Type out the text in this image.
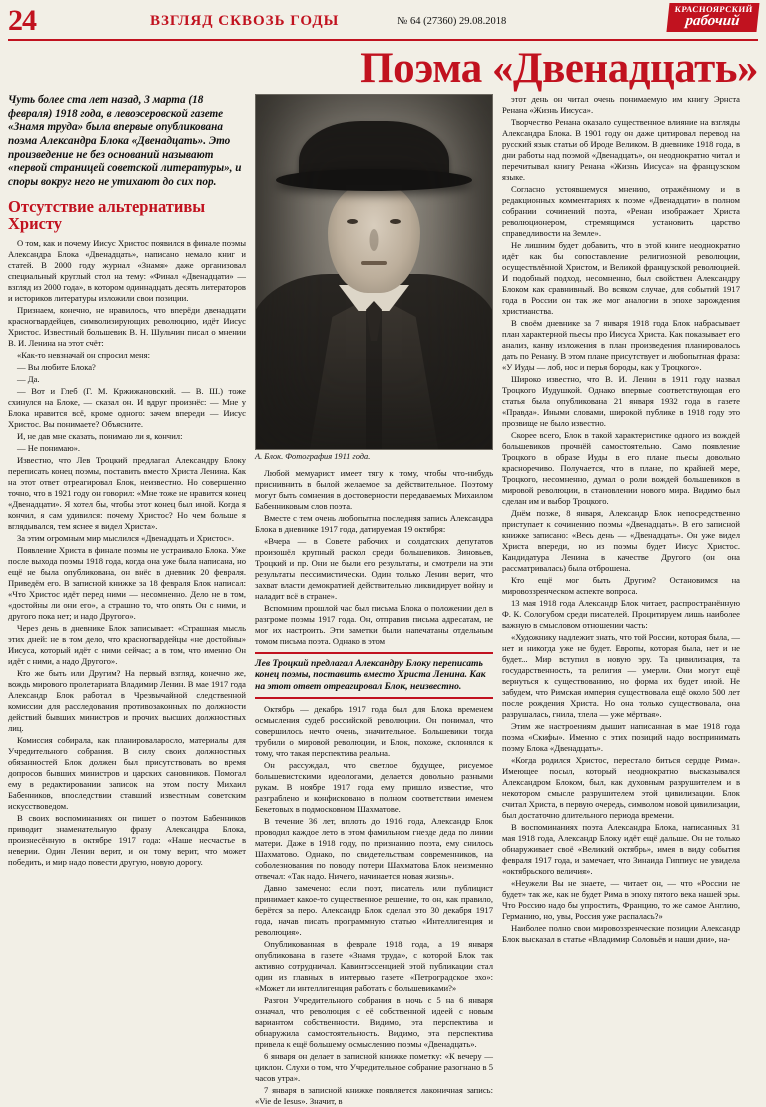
24	ВЗГЛЯД СКВОЗЬ ГОДЫ	№ 64 (27360) 29.08.2018
КРАСНОЯРСКИЙ
рабочий
Поэма «Двенадцать»

Чуть более ста лет назад, 3 марта (18 февраля) 1918 года, в левоэсеровской газете «Знамя труда» была впервые опубликована поэма Александра Блока «Двенадцать». Это произведение не без оснований называют «первой страницей советской литературы», и споры вокруг него не утихают до сих пор.

Отсутствие альтернативы Христу

О том, как и почему Иисус Христос появился в финале поэмы Александра Блока «Двенадцать», написано немало книг и статей. В 2000 году журнал «Знамя» даже организовал специальный круглый стол на тему: «Финал «Двенадцати» — взгляд из 2000 года», в котором одиннадцать десять литераторов и историков литературы изложили свои позиции.

Признаем, конечно, не нравилось, что вперёди двенадцати красногвардейцев, символизирующих революцию, идёт Иисус Христос. Известный большевик В. Н. Шульчин писал о мнении В. И. Ленина на этот счёт:

«Как-то невзначай он спросил меня:

— Вы любите Блока?

— Да.

— Вот и Глеб (Г. М. Кржижановский. — В. Ш.) тоже схинулся на Блоке, — сказал он. И вдруг произнёс: — Мне у Блока нравится всё, кроме одного: зачем впереди — Иисус Христос. Вы понимаете? Объясните.

И, не дав мне сказать, понимаю ли я, кончил:

— Не понимаю».

Известно, что Лев Троцкий предлагал Александру Блоку переписать конец поэмы, поставить вместо Христа Ленина. Как на этот ответ отреагировал Блок, неизвестно. Но совершенно точно, что в 1921 году он говорил: «Мне тоже не нравится конец «Двенадцати». Я хотел бы, чтобы этот конец был иной. Когда я кончил, я сам удивился: почему Христос? Но чем больше я вглядывался, тем яснее я видел Христа».

За этим огромным мир мыслился «Двенадцать и Христос».

Появление Христа в финале поэмы не устраивало Блока. Уже после выхода поэмы 1918 года, когда она уже была написана, но ещё не была опубликована, он внёс в дневник 20 февраля. Приведём его. В записной книжке за 18 февраля Блок написал: «Что Христос идёт перед ними — несомненно. Дело не в том, «достойны ли они его», а страшно то, что опять Он с ними, и другого пока нет; и надо Другого».

Через день в дневнике Блок записывает: «Страшная мысль этих дней: не в том дело, что красногвардейцы «не достойны» Иисуса, который идёт с ними сейчас; а в том, что именно Он идёт с ними, а надо Другого».

Кто же быть или Другим? На первый взгляд, конечно же, вождь мирового пролетариата Владимир Ленин. В мае 1917 года Александр Блок работал в Чрезвычайной следственной комиссии для расследования противозаконных по должности действий бывших министров и прочих высших должностных лиц.

Комиссия собирала, как планироваларосло, материалы для Учредительного собрания. В силу своих должностных обязанностей Блок должен был присутствовать во время допросов бывших министров и царских сановников. Помогал ему в редактировании записок на этом посту Михаил Бабенников, впоследствии ставший известным советским искусствоведом.

В своих воспоминаниях он пишет о поэтом Бабенников приводит знаменательную фразу Александра Блока, произнесённую в октябре 1917 года: «Наше несчастье в неверии. Один Ленин верит, и он тому верит, что может победить, и мир надо повести другую, новую дорогу.

А. Блок. Фотография 1911 года.

Любой мемуарист имеет тягу к тому, чтобы что-нибудь приснивнить в былой желаемое за действительное. Поэтому могут быть сомнения в достоверности передаваемых Михаилом Бабенниковым слов поэта.

Вместе с тем очень любопытна последняя запись Александра Блока в дневнике 1917 года, датируемая 19 октября:

«Вчера — в Совете рабочих и солдатских депутатов произошёл крупный раскол среди большевиков. Зиновьев, Троцкий и пр. Они не были его результаты, и смотрели на эти результаты пессимистически. Один только Ленин верит, что захват власти демократией действительно ликвидирует войну и наладит всё в стране».

Вспомним прошлой час был письма Блока о положении дел в разгроме поэмы 1917 года. Он, отправив письма адресатам, не мог их настроить. Эти заметки были напечатаны отдельным томом письма поэта. Однако в этом

Лев Троцкий предлагал Александру Блоку переписать конец поэмы, поставить вместо Христа Ленина. Как на этот ответ отреагировал Блок, неизвестно.

Октябрь — декабрь 1917 года был для Блока временем осмысления судеб российской революции. Он понимал, что совершилось нечто очень, значительное. Большевики тогда трубили о мировой революции, и Блок, похоже, склонялся к тому, что такая перспектива реальна.

Он рассуждал, что светлое будущее, рисуемое большевистскими идеологами, делается довольно разными рукам. В ноябре 1917 года ему пришло известие, что разграблено и конфисковано в полном соответствии именем Бекетовых в подмосковном Шахматове.

В течение 36 лет, вплоть до 1916 года, Александр Блок проводил каждое лето в этом фамильном гнезде деда по линии матери. Даже в 1918 году, по признанию поэта, ему снилось Шахматово. Однако, по свидетельствам современников, на соболезнования по поводу потери Шахматова Блок неизменно отвечал: «Так надо. Ничего, начинается новая жизнь».

Давно замечено: если поэт, писатель или публицист принимает какое-то существенное решение, то он, как правило, берётся за перо. Александр Блок сделал это 30 декабря 1917 года, начав писать программную статью «Интеллигенция и революция».

Опубликованная в феврале 1918 года, а 19 января опубликована в газете «Знамя труда», с которой Блок так активно сотрудничал. Кавинтэссенцией этой публикации стал один из главных в интервью газете «Петроградское эхо»: «Может ли интеллигенция работать с большевиками?»

Разгон Учредительного собрания в ночь с 5 на 6 января означал, что революция с её собственной идеей с новым вариантом собственности. Видимо, эта перспектива и обнаружила самостоятельность. Видимо, эта перспектива привела к ещё большему осмыслению поэмы «Двенадцать».

6 января он делает в записной книжке пометку: «К вечеру — циклон. Слухи о том, что Учредительное собрание разогнано в 5 часов утра».

7 января в записной книжке появляется лаконичная запись: «Vie de Iesus». Значит, в

этот день он читал очень понимаемую им книгу Эрнста Ренана «Жизнь Иисуса».

Творчество Ренана оказало существенное влияние на взгляды Александра Блока. В 1901 году он даже цитировал перевод на русский язык статьи об Иродe Великом. В дневнике 1918 года, в дни работы над поэмой «Двенадцать», он неоднократно читал и перечитывал книгу Ренана «Жизнь Иисуса» на французском языке.

Согласно устоявшемуся мнению, отражённому и в редакционных комментариях к поэме «Двенадцати» в полном собрании сочинений поэта, «Ренан изображает Христа революционером, стремящимся установить царство справедливости на Земле».

Не лишним будет добавить, что в этой книге неоднократно идёт как бы сопоставление религиозной революции, осуществлённой Христом, и Великой французской революцией. И подобный подход, несомненно, был свойствен Александру Блоком как сравнивный. Во всяком случае, для событий 1917 года в России он так же мог аналогии в эпохе зарождения христианства.

В своём дневнике за 7 января 1918 года Блок набрасывает план характерной пьесы про Иисуса Христа. Как показывает его анализ, канву изложения в план произведения планировалось дать по Ренану. В этом плане присутствует и любопытная фраза: «У Иуды — лоб, нос и перья бороды, как у Троцкого».

Широко известно, что В. И. Ленин в 1911 году назвал Троцкого Иудушкой. Однако впервые соответствующая его статья была опубликована 21 января 1932 года в газете «Правда». Иными словами, широкой публике в 1918 году это прозвище не было известно.

Скорее всего, Блок в такой характеристике одного из вождей большевиков прочнёй самостоятельно. Само появление Троцкого в образе Иуды в его плане пьесы довольно красноречиво. Получается, что в плане, по крайней мере, Троцкого, несомненно, думал о роли вождей большевиков в мировой революции, в становлении нового мира. Видимо был сделан им и выбор Троцкого.

Днём позже, 8 января, Александр Блок непосредственно приступает к сочинению поэмы «Двенадцать». В его записной книжке записано: «Весь день — «Двенадцать». Он уже видел Христа впереди, но из поэмы будет Иисус Христос. Кандидатура Ленина в качестве Другого (он она рассматривалась) была отброшена.

Кто ещё мог быть Другим? Остановимся на мировоззренческом аспекте вопроса.

13 мая 1918 года Александр Блок читает, распространённую Ф. К. Сологубом среди писателей. Процитируем лишь наиболее важную в смысловом отношении часть:

«Художнику надлежит знать, что той России, которая была, — нет и никогда уже не будет. Европы, которая была, нет и не будет... Мир вступил в новую эру. Та цивилизация, та государственность, та религия — умерли. Они могут ещё вернуться к существованию, но форма их будет иной. Не забудем, что Римская империя существовала ещё около 500 лет после рождения Христа. Но она только существовала, она разрушалась, гнила, тлела — уже мёртвая».

Этим же настроениям дышит написанная в мае 1918 года поэма «Скифы». Именно с этих позиций надо воспринимать поэму Блока «Двенадцать».

«Когда родился Христос, перестало биться сердце Рима». Имеющее посыл, который неоднократно высказывался Александром Блоком, был, как духовным разрушителем и в некотором смысле разрушителем этой цивилизации. Блок считал Христа, в первую очередь, символом новой цивилизации, был достаточно длительного периода времени.

В воспоминаниях поэта Александра Блока, написанных 31 мая 1918 года, Александр Блоку идёт ещё дальше. Он не только обнаруживает своё «Великий октябрь», имея в виду события февраля 1917 года, и замечает, что Зинаида Гиппиус не увидела «октябрьского величия».

«Неужели Вы не знаете, — читает он, — что «России не будет» так же, как не будет Рима в эпоху пятого века нашей эры. Что Россию надо бы упростить, Францию, то же самое Англию, Германию, но, увы, Россия уже распалась?»

Наиболее полно свои мировоззренческие позиции Александр Блок высказал в статье «Владимир Соловьёв и наши дни», на-
